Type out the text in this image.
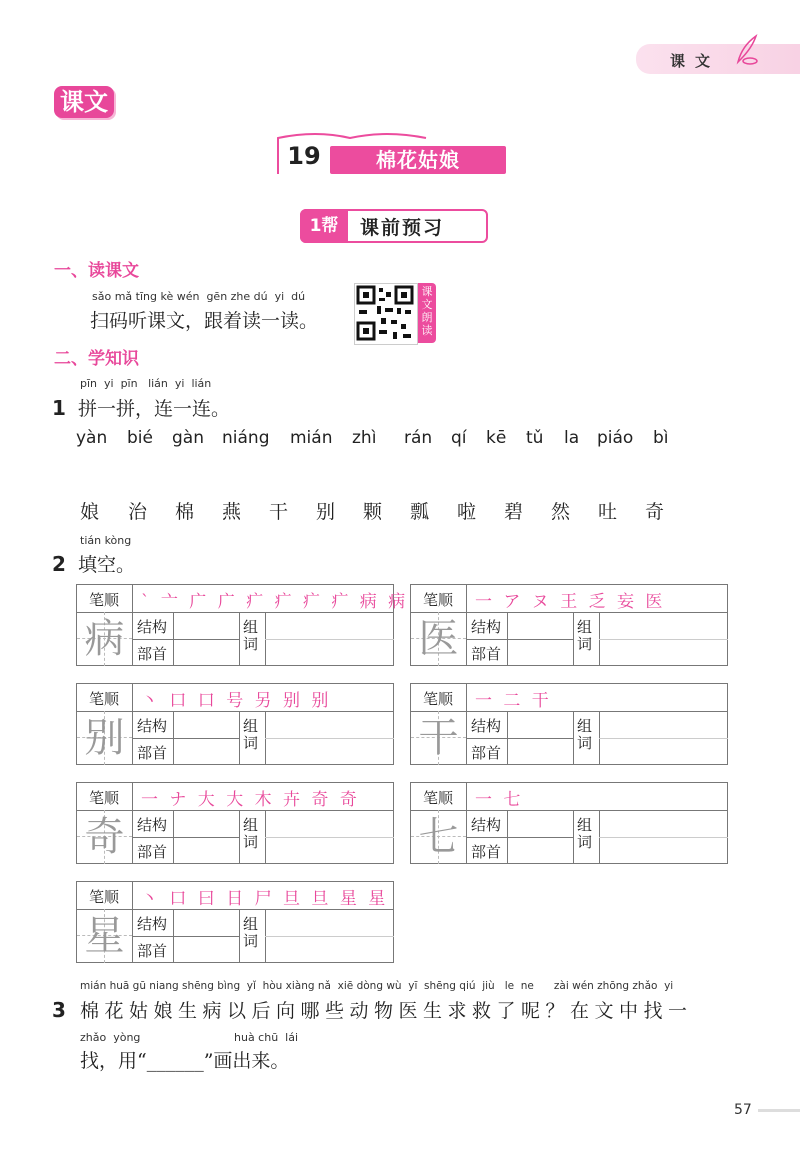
课文
课文
19	棉花姑娘
1帮	课前预习
一、读课文
sǎo mǎ tīng kè wén  gēn zhe dú  yi  dú
扫码听课文，跟着读一读。
课文朗读
二、学知识
1
pīn  yi  pīn   lián  yi  lián
拼一拼，连一连。
yàn bié gàn niáng mián zhì rán qí kē tǔ la piáo bì
娘 治 棉 燕 干 别 颗 瓢 啦 碧 然 吐 奇
2
tián kòng
填空。
笔顺 ` 亠 广 广 疒 疒 疒 疒 病 病
病 结构
部首
组词
笔顺 一 ア ヌ 王 乏 妄 医
医 结构
部首
组词
笔顺 丶 口 口 号 另 别 别
别 结构
部首
组词
笔顺 一 二 干
干 结构
部首
组词
笔顺 一 ナ 大 大 木 卉 奇 奇
奇 结构
部首
组词
笔顺 一 七
七 结构
部首
组词
笔顺 丶 口 曰 日 尸 旦 旦 星 星
星 结构
部首
组词
3
mián huā gū niang shēng bìng  yǐ  hòu xiàng nǎ  xiē dòng wù  yī  shēng qiú  jiù   le  ne      zài wén zhōng zhǎo  yi
棉花姑娘生病以后向哪些动物医生求救了呢？在文中找一
zhǎo  yòng	huà chū  lái
找，用“______”画出来。
57
